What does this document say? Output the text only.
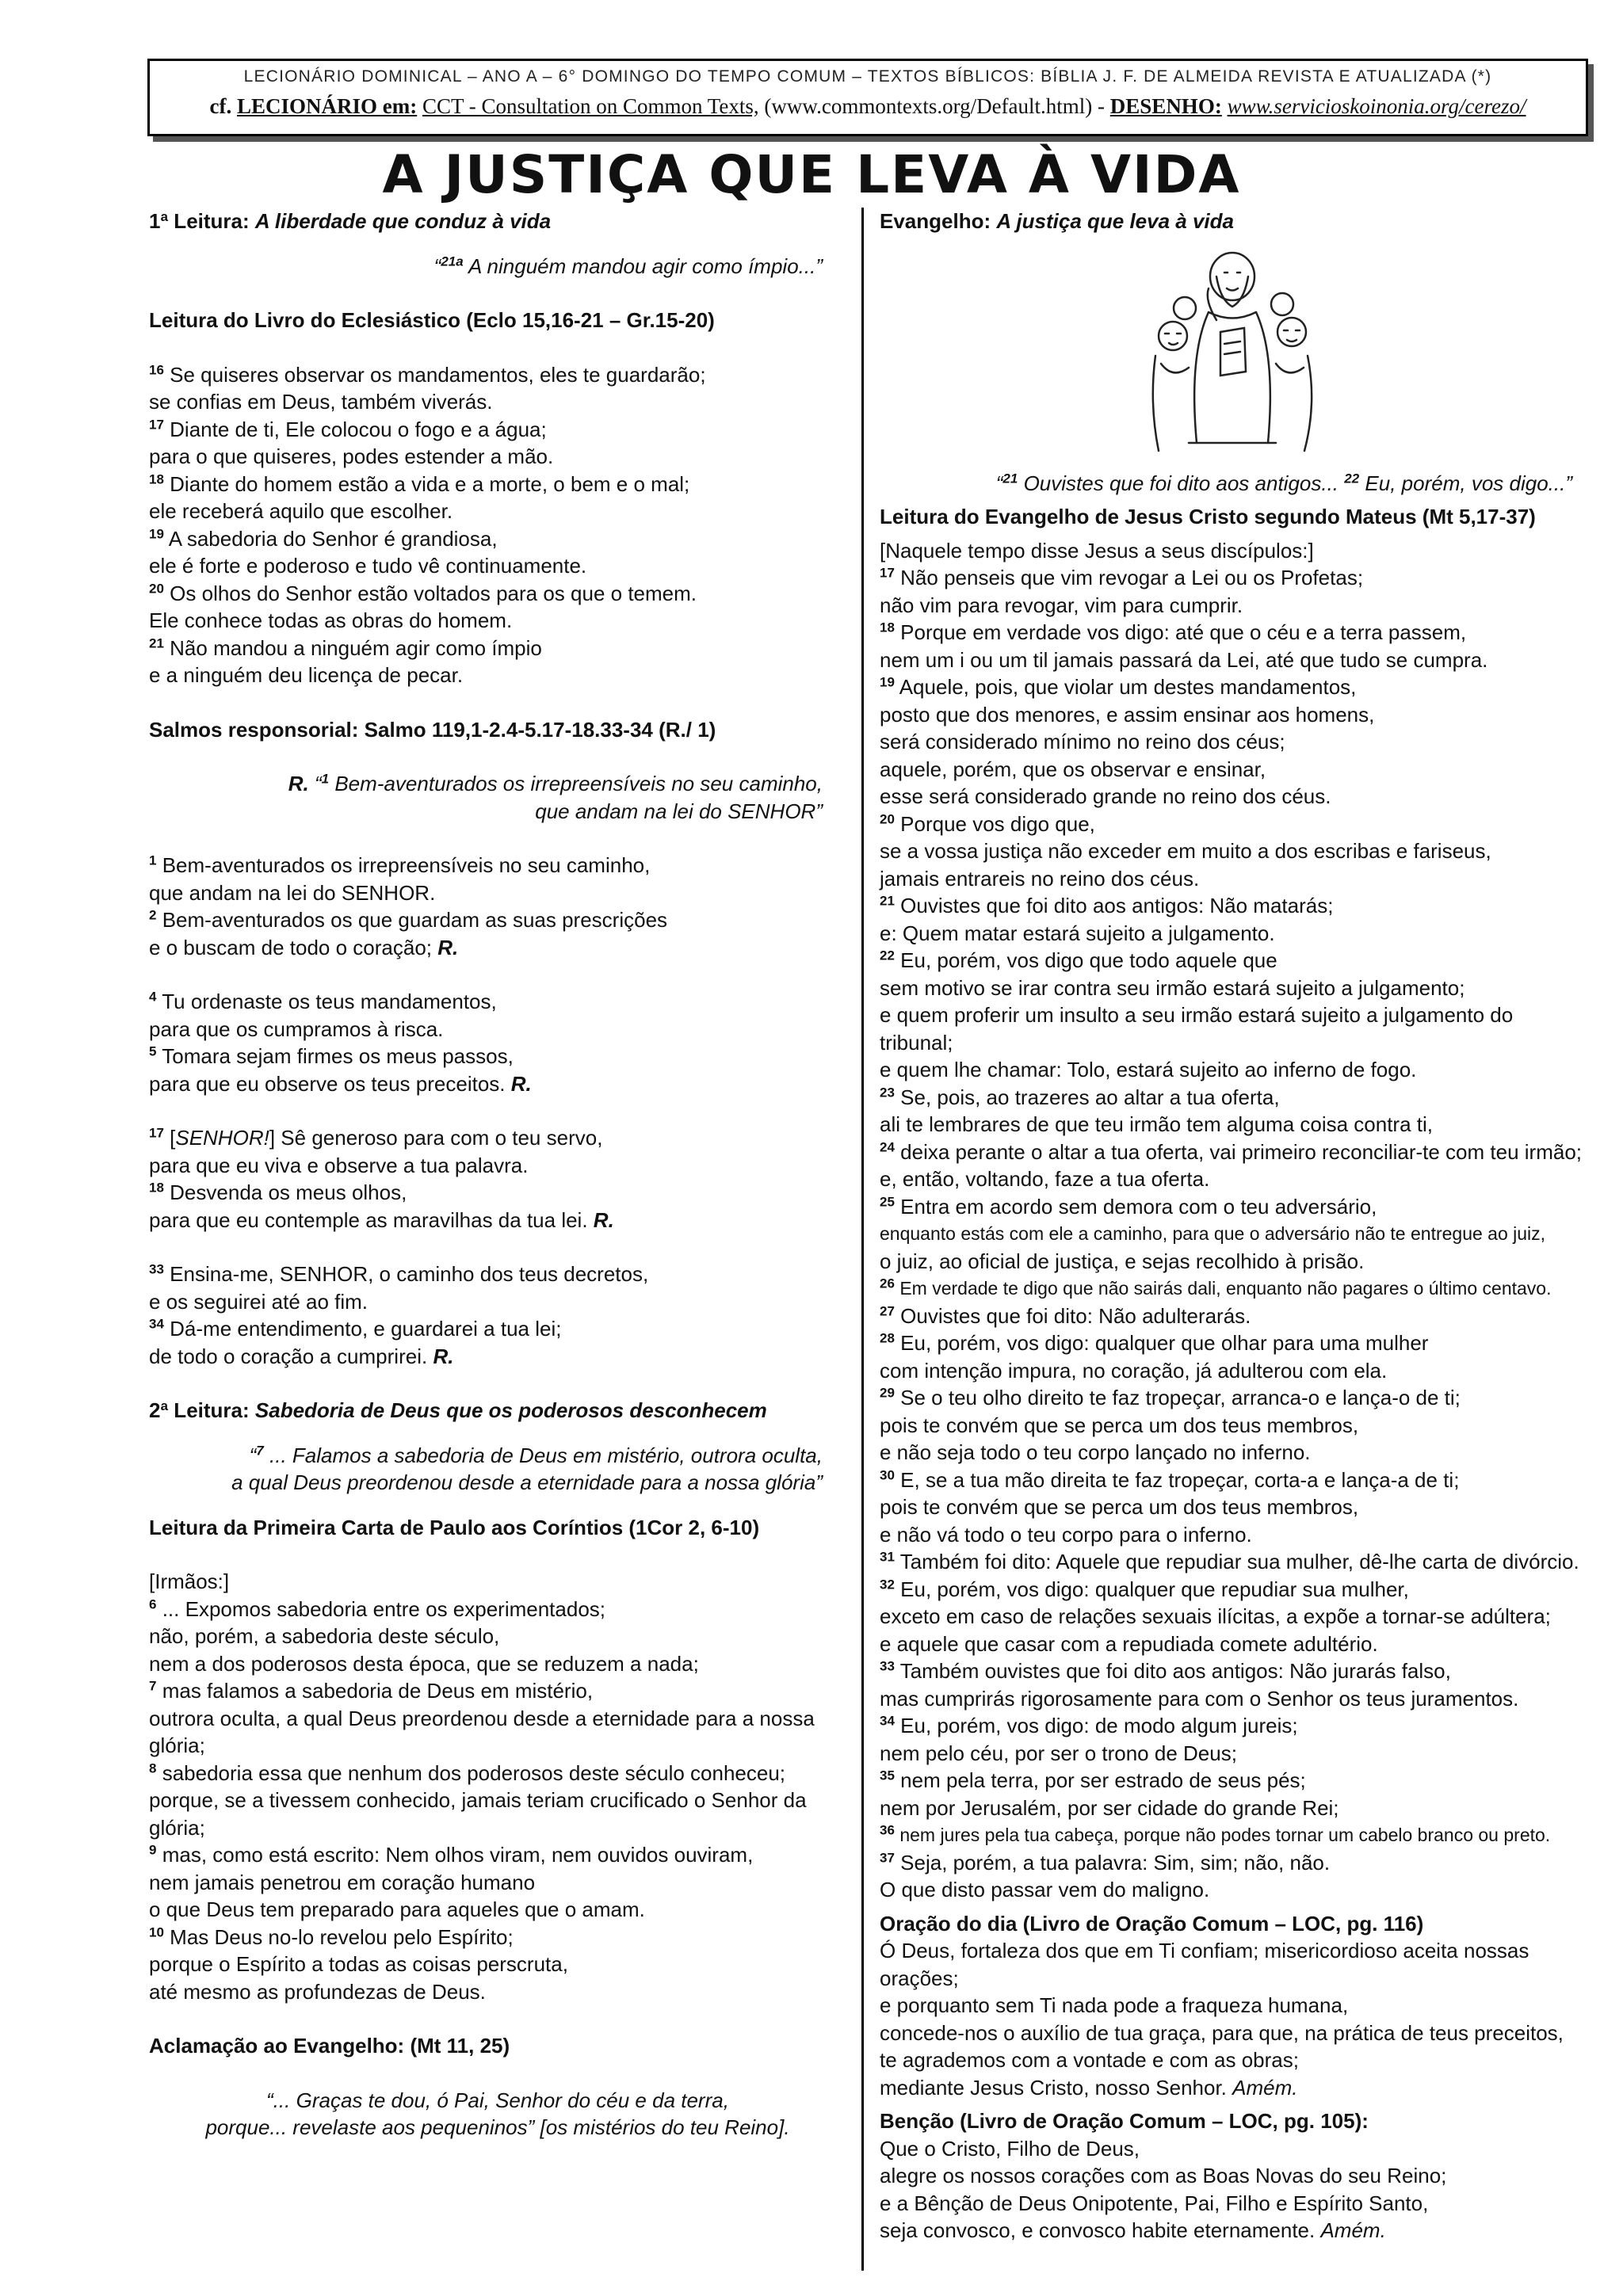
LECIONÁRIO DOMINICAL – ANO A – 6° DOMINGO DO TEMPO COMUM – TEXTOS BÍBLICOS: BÍBLIA J. F. DE ALMEIDA REVISTA E ATUALIZADA (*)
cf. LECIONÁRIO em: CCT - Consultation on Common Texts, (www.commontexts.org/Default.html) - DESENHO: www.servicioskoinonia.org/cerezo/
A JUSTIÇA QUE LEVA À VIDA

1ª Leitura: A liberdade que conduz à vida

“$^{21a}$ A ninguém mandou agir como ímpio...”

Leitura do Livro do Eclesiástico (Eclo 15,16-21 – Gr.15-20)

$^{16}$ Se quiseres observar os mandamentos, eles te guardarão;

se confias em Deus, também viverás.

$^{17}$ Diante de ti, Ele colocou o fogo e a água;

para o que quiseres, podes estender a mão.

$^{18}$ Diante do homem estão a vida e a morte, o bem e o mal;

ele receberá aquilo que escolher.

$^{19}$ A sabedoria do Senhor é grandiosa,

ele é forte e poderoso e tudo vê continuamente.

$^{20}$ Os olhos do Senhor estão voltados para os que o temem.

Ele conhece todas as obras do homem.

$^{21}$ Não mandou a ninguém agir como ímpio

e a ninguém deu licença de pecar.

Salmos responsorial: Salmo 119,1-2.4-5.17-18.33-34 (R./ 1)

R. “$^1$ Bem-aventurados os irrepreensíveis no seu caminho,

que andam na lei do SENHOR”

$^1$ Bem-aventurados os irrepreensíveis no seu caminho,

que andam na lei do SENHOR.

$^2$ Bem-aventurados os que guardam as suas prescrições

e o buscam de todo o coração; R.

$^4$ Tu ordenaste os teus mandamentos,

para que os cumpramos à risca.

$^5$ Tomara sejam firmes os meus passos,

para que eu observe os teus preceitos. R.

$^{17}$ [SENHOR!] Sê generoso para com o teu servo,

para que eu viva e observe a tua palavra.

$^{18}$ Desvenda os meus olhos,

para que eu contemple as maravilhas da tua lei. R.

$^{33}$ Ensina-me, SENHOR, o caminho dos teus decretos,

e os seguirei até ao fim.

$^{34}$ Dá-me entendimento, e guardarei a tua lei;

de todo o coração a cumprirei. R.

2ª Leitura: Sabedoria de Deus que os poderosos desconhecem

“$^7$ ... Falamos a sabedoria de Deus em mistério, outrora oculta,

a qual Deus preordenou desde a eternidade para a nossa glória”

Leitura da Primeira Carta de Paulo aos Coríntios (1Cor 2, 6-10)

[Irmãos:]

$^6$ ... Expomos sabedoria entre os experimentados;

não, porém, a sabedoria deste século,

nem a dos poderosos desta época, que se reduzem a nada;

$^7$ mas falamos a sabedoria de Deus em mistério,

outrora oculta, a qual Deus preordenou desde a eternidade para a nossa glória;

$^8$ sabedoria essa que nenhum dos poderosos deste século conheceu;

porque, se a tivessem conhecido, jamais teriam crucificado o Senhor da glória;

$^9$ mas, como está escrito: Nem olhos viram, nem ouvidos ouviram,

nem jamais penetrou em coração humano

o que Deus tem preparado para aqueles que o amam.

$^{10}$ Mas Deus no-lo revelou pelo Espírito;

porque o Espírito a todas as coisas perscruta,

até mesmo as profundezas de Deus.

Aclamação ao Evangelho: (Mt 11, 25)

“... Graças te dou, ó Pai, Senhor do céu e da terra,

porque... revelaste aos pequeninos” [os mistérios do teu Reino].

Evangelho: A justiça que leva à vida

“$^{21}$ Ouvistes que foi dito aos antigos... $^{22}$ Eu, porém, vos digo...”

Leitura do Evangelho de Jesus Cristo segundo Mateus (Mt 5,17-37)

[Naquele tempo disse Jesus a seus discípulos:]

$^{17}$ Não penseis que vim revogar a Lei ou os Profetas;

não vim para revogar, vim para cumprir.

$^{18}$ Porque em verdade vos digo: até que o céu e a terra passem,

nem um i ou um til jamais passará da Lei, até que tudo se cumpra.

$^{19}$ Aquele, pois, que violar um destes mandamentos,

posto que dos menores, e assim ensinar aos homens,

será considerado mínimo no reino dos céus;

aquele, porém, que os observar e ensinar,

esse será considerado grande no reino dos céus.

$^{20}$ Porque vos digo que,

se a vossa justiça não exceder em muito a dos escribas e fariseus,

jamais entrareis no reino dos céus.

$^{21}$ Ouvistes que foi dito aos antigos: Não matarás;

e: Quem matar estará sujeito a julgamento.

$^{22}$ Eu, porém, vos digo que todo aquele que

sem motivo se irar contra seu irmão estará sujeito a julgamento;

e quem proferir um insulto a seu irmão estará sujeito a julgamento do tribunal;

e quem lhe chamar: Tolo, estará sujeito ao inferno de fogo.

$^{23}$ Se, pois, ao trazeres ao altar a tua oferta,

ali te lembrares de que teu irmão tem alguma coisa contra ti,

$^{24}$ deixa perante o altar a tua oferta, vai primeiro reconciliar-te com teu irmão;

e, então, voltando, faze a tua oferta.

$^{25}$ Entra em acordo sem demora com o teu adversário,

enquanto estás com ele a caminho, para que o adversário não te entregue ao juiz,

o juiz, ao oficial de justiça, e sejas recolhido à prisão.

$^{26}$ Em verdade te digo que não sairás dali, enquanto não pagares o último centavo.

$^{27}$ Ouvistes que foi dito: Não adulterarás.

$^{28}$ Eu, porém, vos digo: qualquer que olhar para uma mulher

com intenção impura, no coração, já adulterou com ela.

$^{29}$ Se o teu olho direito te faz tropeçar, arranca-o e lança-o de ti;

pois te convém que se perca um dos teus membros,

e não seja todo o teu corpo lançado no inferno.

$^{30}$ E, se a tua mão direita te faz tropeçar, corta-a e lança-a de ti;

pois te convém que se perca um dos teus membros,

e não vá todo o teu corpo para o inferno.

$^{31}$ Também foi dito: Aquele que repudiar sua mulher, dê-lhe carta de divórcio.

$^{32}$ Eu, porém, vos digo: qualquer que repudiar sua mulher,

exceto em caso de relações sexuais ilícitas, a expõe a tornar-se adúltera;

e aquele que casar com a repudiada comete adultério.

$^{33}$ Também ouvistes que foi dito aos antigos: Não jurarás falso,

mas cumprirás rigorosamente para com o Senhor os teus juramentos.

$^{34}$ Eu, porém, vos digo: de modo algum jureis;

nem pelo céu, por ser o trono de Deus;

$^{35}$ nem pela terra, por ser estrado de seus pés;

nem por Jerusalém, por ser cidade do grande Rei;

$^{36}$ nem jures pela tua cabeça, porque não podes tornar um cabelo branco ou preto.

$^{37}$ Seja, porém, a tua palavra: Sim, sim; não, não.

O que disto passar vem do maligno.

Oração do dia (Livro de Oração Comum – LOC, pg. 116)

Ó Deus, fortaleza dos que em Ti confiam; misericordioso aceita nossas orações;

e porquanto sem Ti nada pode a fraqueza humana,

concede-nos o auxílio de tua graça, para que, na prática de teus preceitos,

te agrademos com a vontade e com as obras;

mediante Jesus Cristo, nosso Senhor. Amém.

Benção (Livro de Oração Comum – LOC, pg. 105):

Que o Cristo, Filho de Deus,

alegre os nossos corações com as Boas Novas do seu Reino;

e a Bênção de Deus Onipotente, Pai, Filho e Espírito Santo,

seja convosco, e convosco habite eternamente. Amém.
